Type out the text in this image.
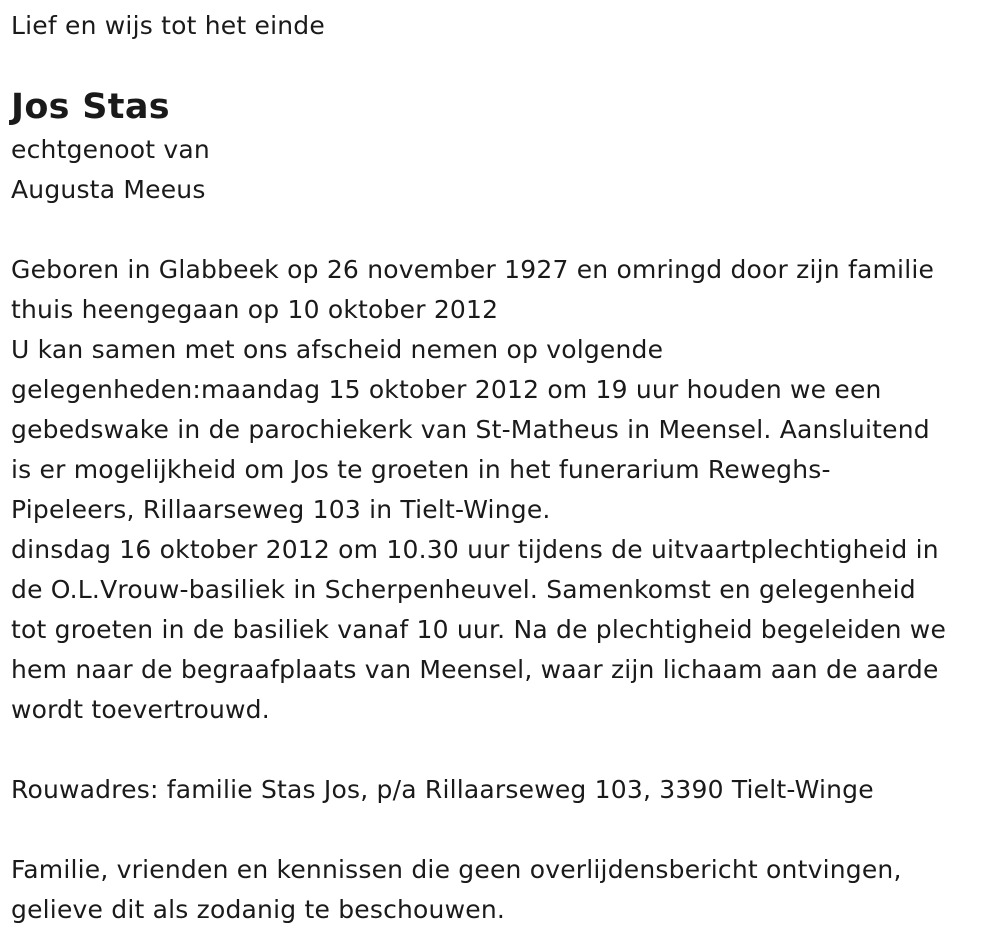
Lief en wijs tot het einde
Jos Stas
echtgenoot van
Augusta Meeus
Geboren in Glabbeek op 26 november 1927 en omringd door zijn familie
thuis heengegaan op 10 oktober 2012
U kan samen met ons afscheid nemen op volgende
gelegenheden:maandag 15 oktober 2012 om 19 uur houden we een
gebedswake in de parochiekerk van St-Matheus in Meensel. Aansluitend
is er mogelijkheid om Jos te groeten in het funerarium Reweghs-
Pipeleers, Rillaarseweg 103 in Tielt-Winge.
dinsdag 16 oktober 2012 om 10.30 uur tijdens de uitvaartplechtigheid in
de O.L.Vrouw-basiliek in Scherpenheuvel. Samenkomst en gelegenheid
tot groeten in de basiliek vanaf 10 uur. Na de plechtigheid begeleiden we
hem naar de begraafplaats van Meensel, waar zijn lichaam aan de aarde
wordt toevertrouwd.
Rouwadres: familie Stas Jos, p/a Rillaarseweg 103, 3390 Tielt-Winge
Familie, vrienden en kennissen die geen overlijdensbericht ontvingen,
gelieve dit als zodanig te beschouwen.
